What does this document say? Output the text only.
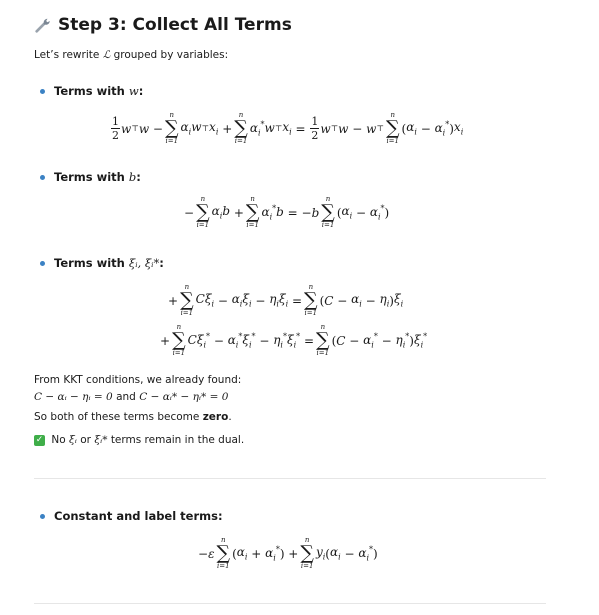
Step 3: Collect All Terms

Let’s rewrite ℒ grouped by variables:

Terms with
w :
$\frac{1}{2}$ w ⊤ w −
n
∑
i=1
$\alpha_iw$ ⊤ $x_i$ +
n
∑
i=1
$\alpha_i^*w$ ⊤ $x_i = \frac{1}{2}$ w ⊤ w − w ⊤
n
∑
i=1
( $\alpha_i - \alpha_i^*$ ) $x_i$
Terms with
b :
−
n
∑
i=1
$\alpha_ib$ +
n
∑
i=1
$\alpha_i^*b$ = − b
n
∑
i=1
( $\alpha_i - \alpha_i^*$ )
Terms with
ξᵢ, ξᵢ* :
+
n
∑
i=1
$C\xi_i - \alpha_i\xi_i - \eta_i\xi_i$ =
n
∑
i=1
( $C - \alpha_i - \eta_i$ ) $\xi_i$
+
n
∑
i=1
$C\xi_i^* - \alpha_i^*\xi_i^* - \eta_i^*\xi_i^*$ =
n
∑
i=1
( $C - \alpha_i^* - \eta_i^*$ ) $\xi_i^*$

From KKT conditions, we already found:

C − αᵢ − ηᵢ = 0 and C − αᵢ* − ηᵢ* = 0

So both of these terms become zero.

✓ No ξᵢ or ξᵢ* terms remain in the dual.

Constant and label terms:
− ε
n
∑
i=1
( $\alpha_i + \alpha_i^*$ ) +
n
∑
i=1
$y_i$ ( $\alpha_i - \alpha_i^*$ )
